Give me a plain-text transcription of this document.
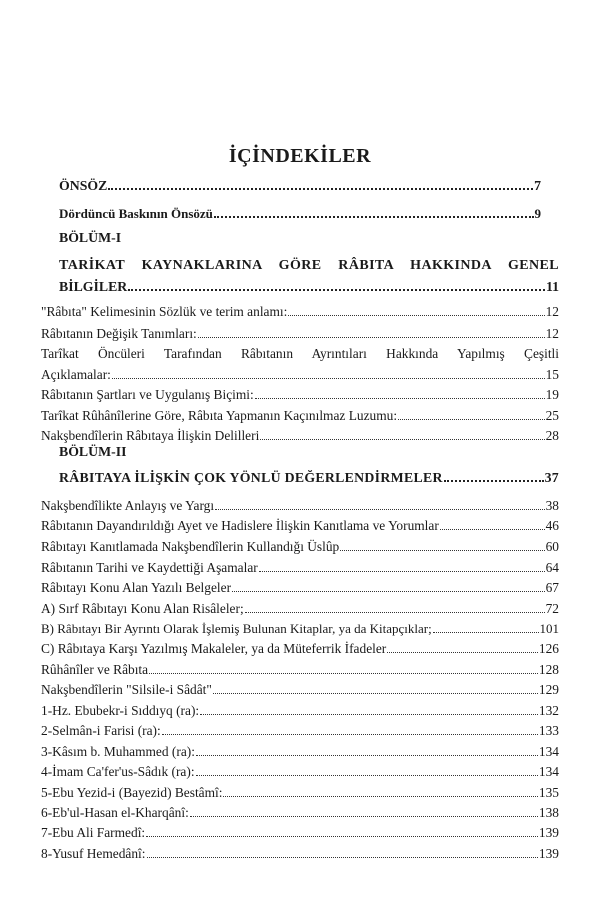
İÇİNDEKİLER
ÖNSÖZ	7
Dördüncü Baskının Önsözü	9
BÖLÜM-I
TARİKAT KAYNAKLARINA GÖRE RÂBITA HAKKINDA GENEL
BİLGİLER	11
"Râbıta" Kelimesinin Sözlük ve terim anlamı:	12
Râbıtanın Değişik Tanımları:	12
Tarîkat Öncüleri Tarafından Râbıtanın Ayrıntıları Hakkında Yapılmış Çeşitli
Açıklamalar:	15
Râbıtanın Şartları ve Uygulanış Biçimi:	19
Tarîkat Rûhânîlerine Göre, Râbıta Yapmanın Kaçınılmaz Luzumu:	25
Nakşbendîlerin Râbıtaya İlişkin Delilleri	28
BÖLÜM-II
RÂBITAYA İLİŞKİN ÇOK YÖNLÜ DEĞERLENDİRMELER	37
Nakşbendîlikte Anlayış ve Yargı	38
Râbıtanın Dayandırıldığı Ayet ve Hadislere İlişkin Kanıtlama ve Yorumlar	46
Râbıtayı Kanıtlamada Nakşbendîlerin Kullandığı Üslûp	60
Râbıtanın Tarihi ve Kaydettiği Aşamalar	64
Râbıtayı Konu Alan Yazılı Belgeler	67
A) Sırf Râbıtayı Konu Alan Risâleler;	72
B) Râbıtayı Bir Ayrıntı Olarak İşlemiş Bulunan Kitaplar, ya da Kitapçıklar;	101
C) Râbıtaya Karşı Yazılmış Makaleler, ya da Müteferrik İfadeler	126
Rûhânîler ve Râbıta	128
Nakşbendîlerin "Silsile-i Sâdât"	129
1-Hz. Ebubekr-i Sıddıyq (ra):	132
2-Selmân-i Farisi (ra):	133
3-Kâsım b. Muhammed (ra):	134
4-İmam Ca'fer'us-Sâdık (ra):	134
5-Ebu Yezid-i (Bayezid) Bestâmî:	135
6-Eb'ul-Hasan el-Kharqânî:	138
7-Ebu Ali Farmedî:	139
8-Yusuf Hemedânî:	139
